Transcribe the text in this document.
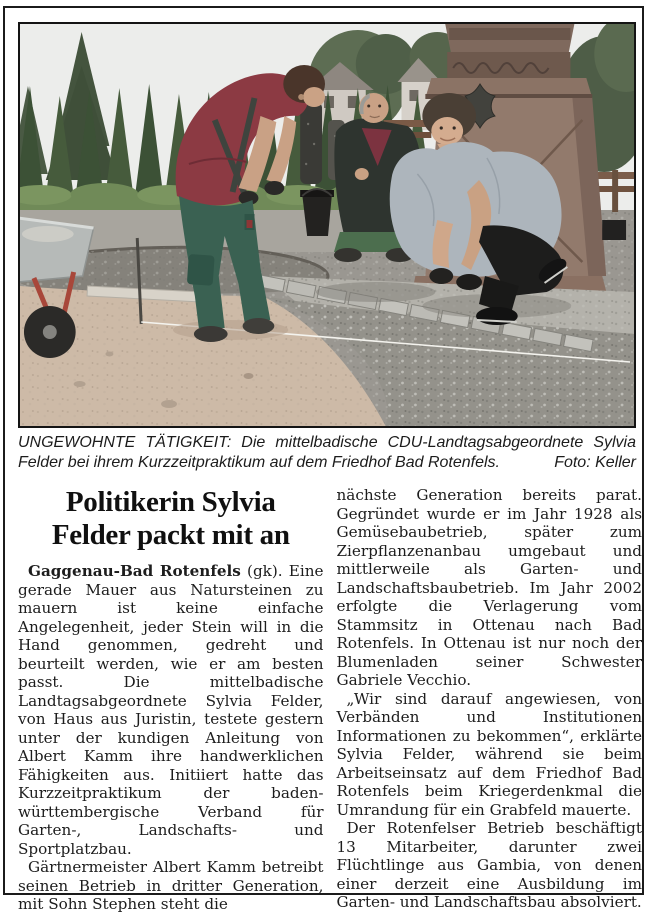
UNGEWOHNTE TÄTIGKEIT: Die mittelbadische CDU-Landtagsabgeordnete Sylvia
Felder bei ihrem Kurzzeitpraktikum auf dem Friedhof Bad Rotenfels.	Foto: Keller
Politikerin Sylvia
Felder packt mit an

Gaggenau-Bad Rotenfels (gk). Eine gerade Mauer aus Natursteinen zu mauern ist keine einfache Angelegenheit, jeder Stein will in die Hand genommen, gedreht und beurteilt werden, wie er am besten passt. Die mittelbadische Landtagsabgeordnete Sylvia Felder, von Haus aus Juristin, testete gestern unter der kundigen Anleitung von Albert Kamm ihre handwerklichen Fähigkeiten aus. Initiiert hatte das Kurzzeitpraktikum der baden-württembergische Verband für Garten-, Landschafts- und Sportplatzbau.

Gärtnermeister Albert Kamm betreibt seinen Betrieb in dritter Generation, mit Sohn Stephen steht die

nächste Generation bereits parat. Gegründet wurde er im Jahr 1928 als Gemüsebaubetrieb, später zum Zierpflanzenanbau umgebaut und mittlerweile als Garten- und Landschaftsbaubetrieb. Im Jahr 2002 erfolgte die Verlagerung vom Stammsitz in Ottenau nach Bad Rotenfels. In Ottenau ist nur noch der Blumenladen seiner Schwester Gabriele Vecchio.

„Wir sind darauf angewiesen, von Verbänden und Institutionen Informationen zu bekommen“, erklärte Sylvia Felder, während sie beim Arbeitseinsatz auf dem Friedhof Bad Rotenfels beim Kriegerdenkmal die Umrandung für ein Grabfeld mauerte.

Der Rotenfelser Betrieb beschäftigt 13 Mitarbeiter, darunter zwei Flüchtlinge aus Gambia, von denen einer derzeit eine Ausbildung im Garten- und Landschaftsbau absolviert.
